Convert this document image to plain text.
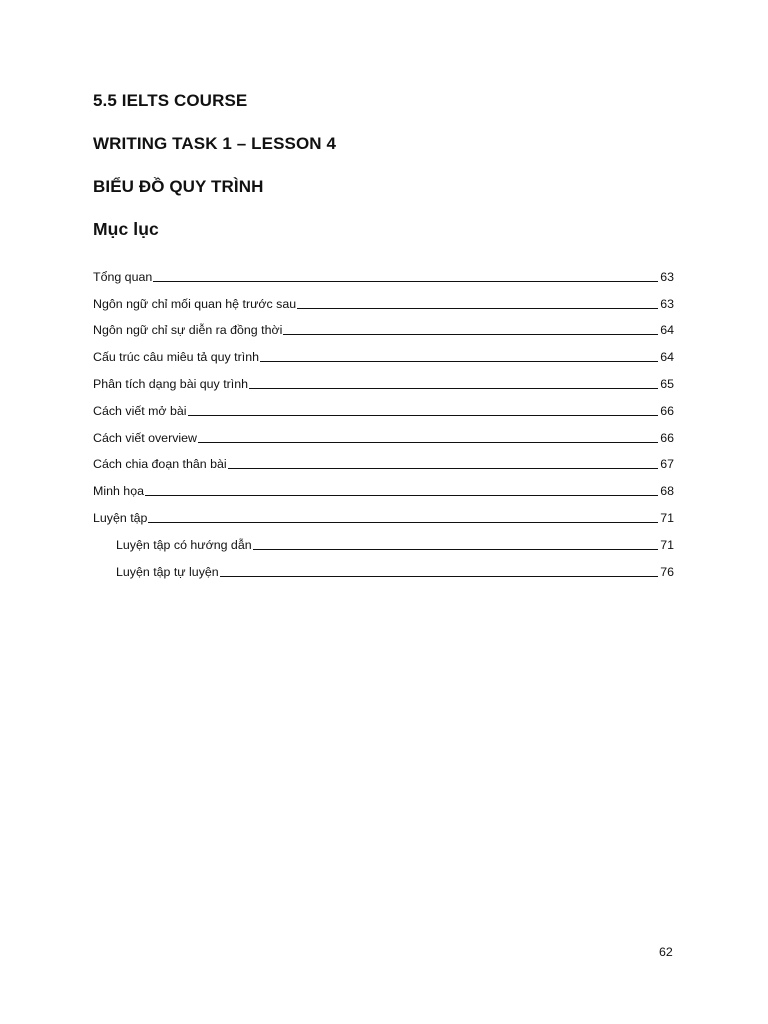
5.5 IELTS COURSE
WRITING TASK 1 – LESSON 4
BIỂU ĐỒ QUY TRÌNH
Mục lục
Tổng quan	63
Ngôn ngữ chỉ mối quan hệ trước sau	63
Ngôn ngữ chỉ sự diễn ra đồng thời	64
Cấu trúc câu miêu tả quy trình	64
Phân tích dạng bài quy trình	65
Cách viết mở bài	66
Cách viết overview	66
Cách chia đoạn thân bài	67
Minh họa	68
Luyện tập	71
Luyện tập có hướng dẫn	71
Luyện tập tự luyện	76
62
